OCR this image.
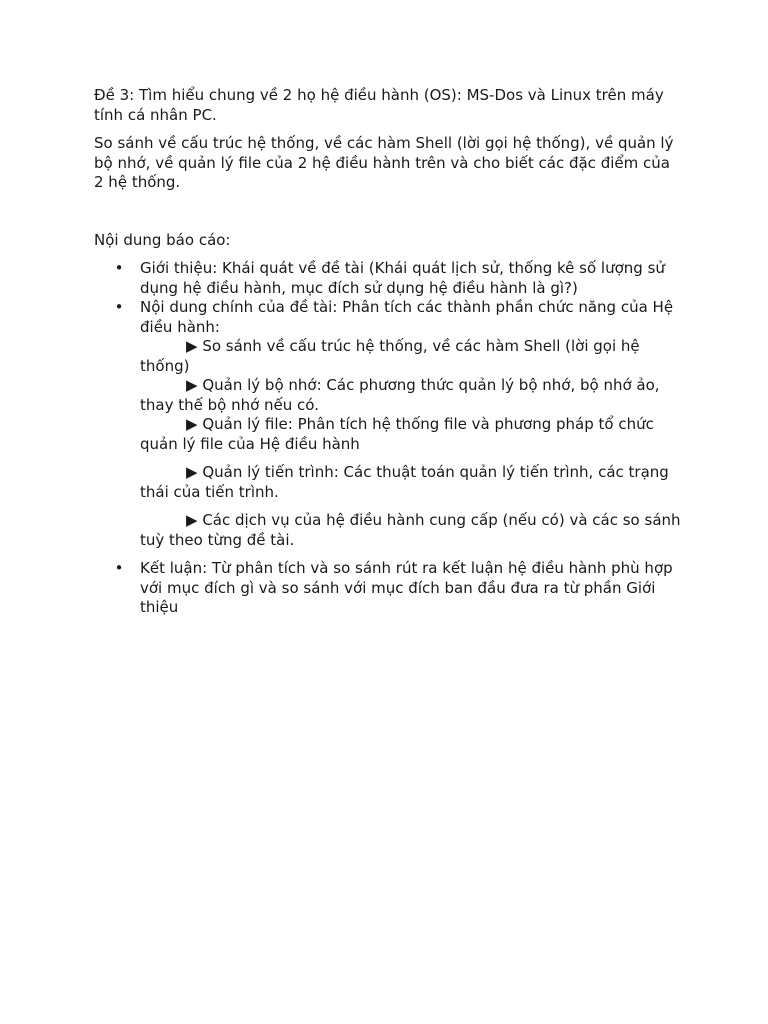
Đề 3: Tìm hiểu chung về 2 họ hệ điều hành (OS): MS-Dos và Linux trên máy tính cá nhân PC.

So sánh về cấu trúc hệ thống, về các hàm Shell (lời gọi hệ thống), về quản lý bộ nhớ, về quản lý file của 2 hệ điều hành trên và cho biết các đặc điểm của 2 hệ thống.

Nội dung báo cáo:

• Giới thiệu: Khái quát về đề tài (Khái quát lịch sử, thống kê số lượng sử dụng hệ điều hành, mục đích sử dụng hệ điều hành là gì?)
• Nội dung chính của đề tài: Phân tích các thành phần chức năng của Hệ điều hành:

▶ So sánh về cấu trúc hệ thống, về các hàm Shell (lời gọi hệ thống)

▶ Quản lý bộ nhớ: Các phương thức quản lý bộ nhớ, bộ nhớ ảo, thay thế bộ nhớ nếu có.

▶ Quản lý file: Phân tích hệ thống file và phương pháp tổ chức quản lý file của Hệ điều hành

▶ Quản lý tiến trình: Các thuật toán quản lý tiến trình, các trạng thái của tiến trình.

▶ Các dịch vụ của hệ điều hành cung cấp (nếu có) và các so sánh tuỳ theo từng đề tài.

• Kết luận: Từ phân tích và so sánh rút ra kết luận hệ điều hành phù hợp với mục đích gì và so sánh với mục đích ban đầu đưa ra từ phần Giới thiệu
